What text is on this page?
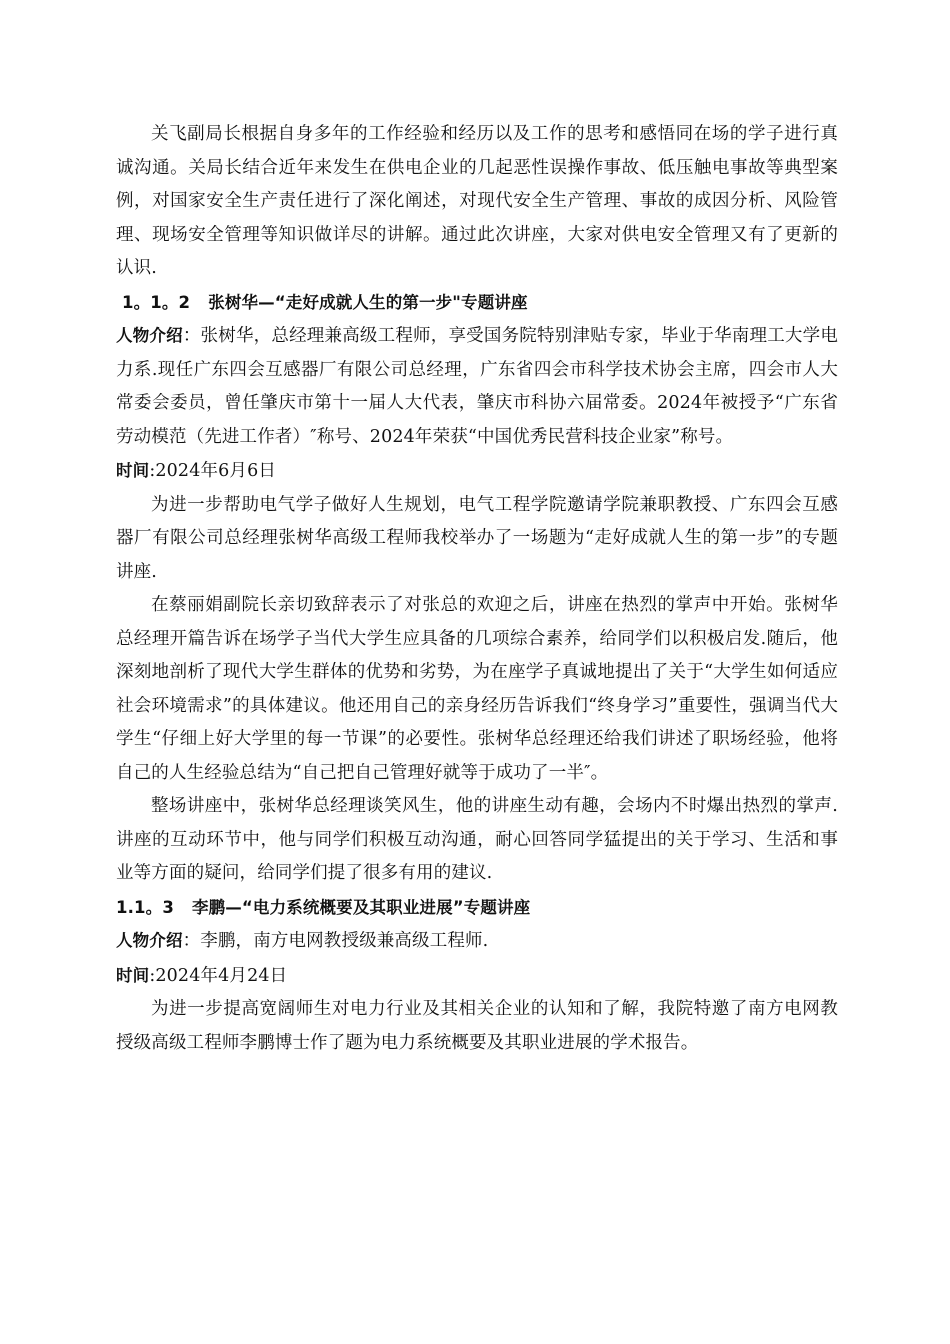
关飞副局长根据自身多年的工作经验和经历以及工作的思考和感悟同在场的学子进行真诚沟通。关局长结合近年来发生在供电企业的几起恶性误操作事故、低压触电事故等典型案例，对国家安全生产责任进行了深化阐述，对现代安全生产管理、事故的成因分析、风险管理、现场安全管理等知识做详尽的讲解。通过此次讲座，大家对供电安全管理又有了更新的认识.

1。1。2 张树华—“走好成就人生的第一步"专题讲座

人物介绍：张树华，总经理兼高级工程师，享受国务院特别津贴专家，毕业于华南理工大学电力系.现任广东四会互感器厂有限公司总经理，广东省四会市科学技术协会主席，四会市人大常委会委员，曾任肇庆市第十一届人大代表，肇庆市科协六届常委。2024年被授予“广东省劳动模范（先进工作者）″称号、2024年荣获“中国优秀民营科技企业家”称号。

时间:2024年6月6日

为进一步帮助电气学子做好人生规划，电气工程学院邀请学院兼职教授、广东四会互感器厂有限公司总经理张树华高级工程师我校举办了一场题为“走好成就人生的第一步”的专题讲座.

在蔡丽娟副院长亲切致辞表示了对张总的欢迎之后，讲座在热烈的掌声中开始。张树华总经理开篇告诉在场学子当代大学生应具备的几项综合素养，给同学们以积极启发.随后，他深刻地剖析了现代大学生群体的优势和劣势，为在座学子真诚地提出了关于“大学生如何适应社会环境需求”的具体建议。他还用自己的亲身经历告诉我们“终身学习”重要性，强调当代大学生“仔细上好大学里的每一节课”的必要性。张树华总经理还给我们讲述了职场经验，他将自己的人生经验总结为“自己把自己管理好就等于成功了一半″。

整场讲座中，张树华总经理谈笑风生，他的讲座生动有趣，会场内不时爆出热烈的掌声.讲座的互动环节中，他与同学们积极互动沟通，耐心回答同学猛提出的关于学习、生活和事业等方面的疑问，给同学们提了很多有用的建议.

1.1。3 李鹏—“电力系统概要及其职业进展”专题讲座

人物介绍：李鹏，南方电网教授级兼高级工程师.

时间:2024年4月24日

为进一步提高宽阔师生对电力行业及其相关企业的认知和了解，我院特邀了南方电网教授级高级工程师李鹏博士作了题为电力系统概要及其职业进展的学术报告。
